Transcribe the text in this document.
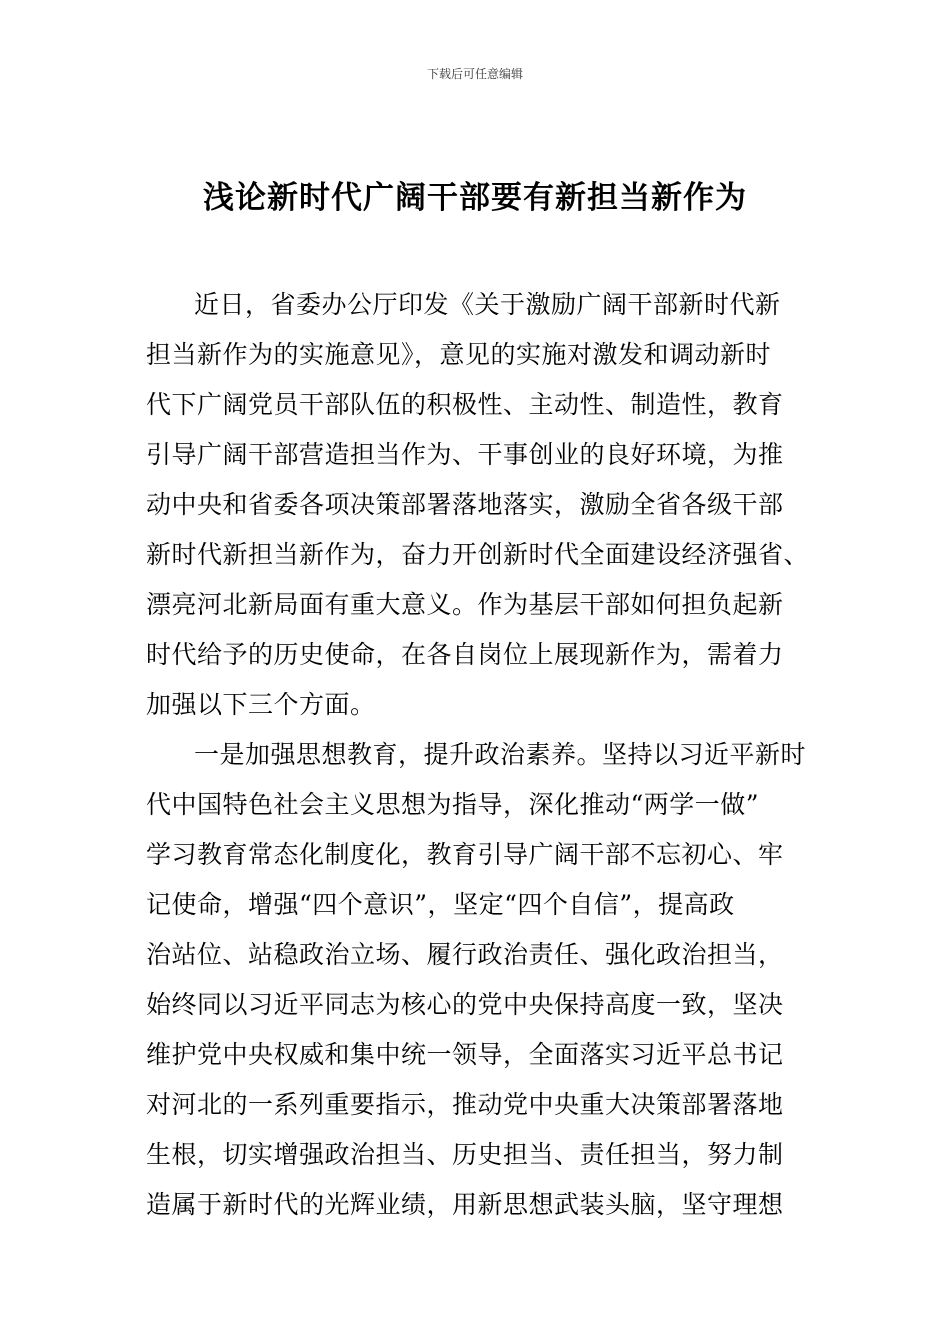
下载后可任意编辑
浅论新时代广阔干部要有新担当新作为
近日，省委办公厅印发《关于激励广阔干部新时代新
担当新作为的实施意见》，意见的实施对激发和调动新时
代下广阔党员干部队伍的积极性、主动性、制造性，教育
引导广阔干部营造担当作为、干事创业的良好环境，为推
动中央和省委各项决策部署落地落实，激励全省各级干部
新时代新担当新作为，奋力开创新时代全面建设经济强省、
漂亮河北新局面有重大意义。作为基层干部如何担负起新
时代给予的历史使命，在各自岗位上展现新作为，需着力
加强以下三个方面。
一是加强思想教育，提升政治素养。坚持以习近平新时
代中国特色社会主义思想为指导，深化推动“两学一做”
学习教育常态化制度化，教育引导广阔干部不忘初心、牢
记使命，增强“四个意识”，坚定“四个自信”，提高政
治站位、站稳政治立场、履行政治责任、强化政治担当，
始终同以习近平同志为核心的党中央保持高度一致，坚决
维护党中央权威和集中统一领导，全面落实习近平总书记
对河北的一系列重要指示，推动党中央重大决策部署落地
生根，切实增强政治担当、历史担当、责任担当，努力制
造属于新时代的光辉业绩，用新思想武装头脑，坚守理想
